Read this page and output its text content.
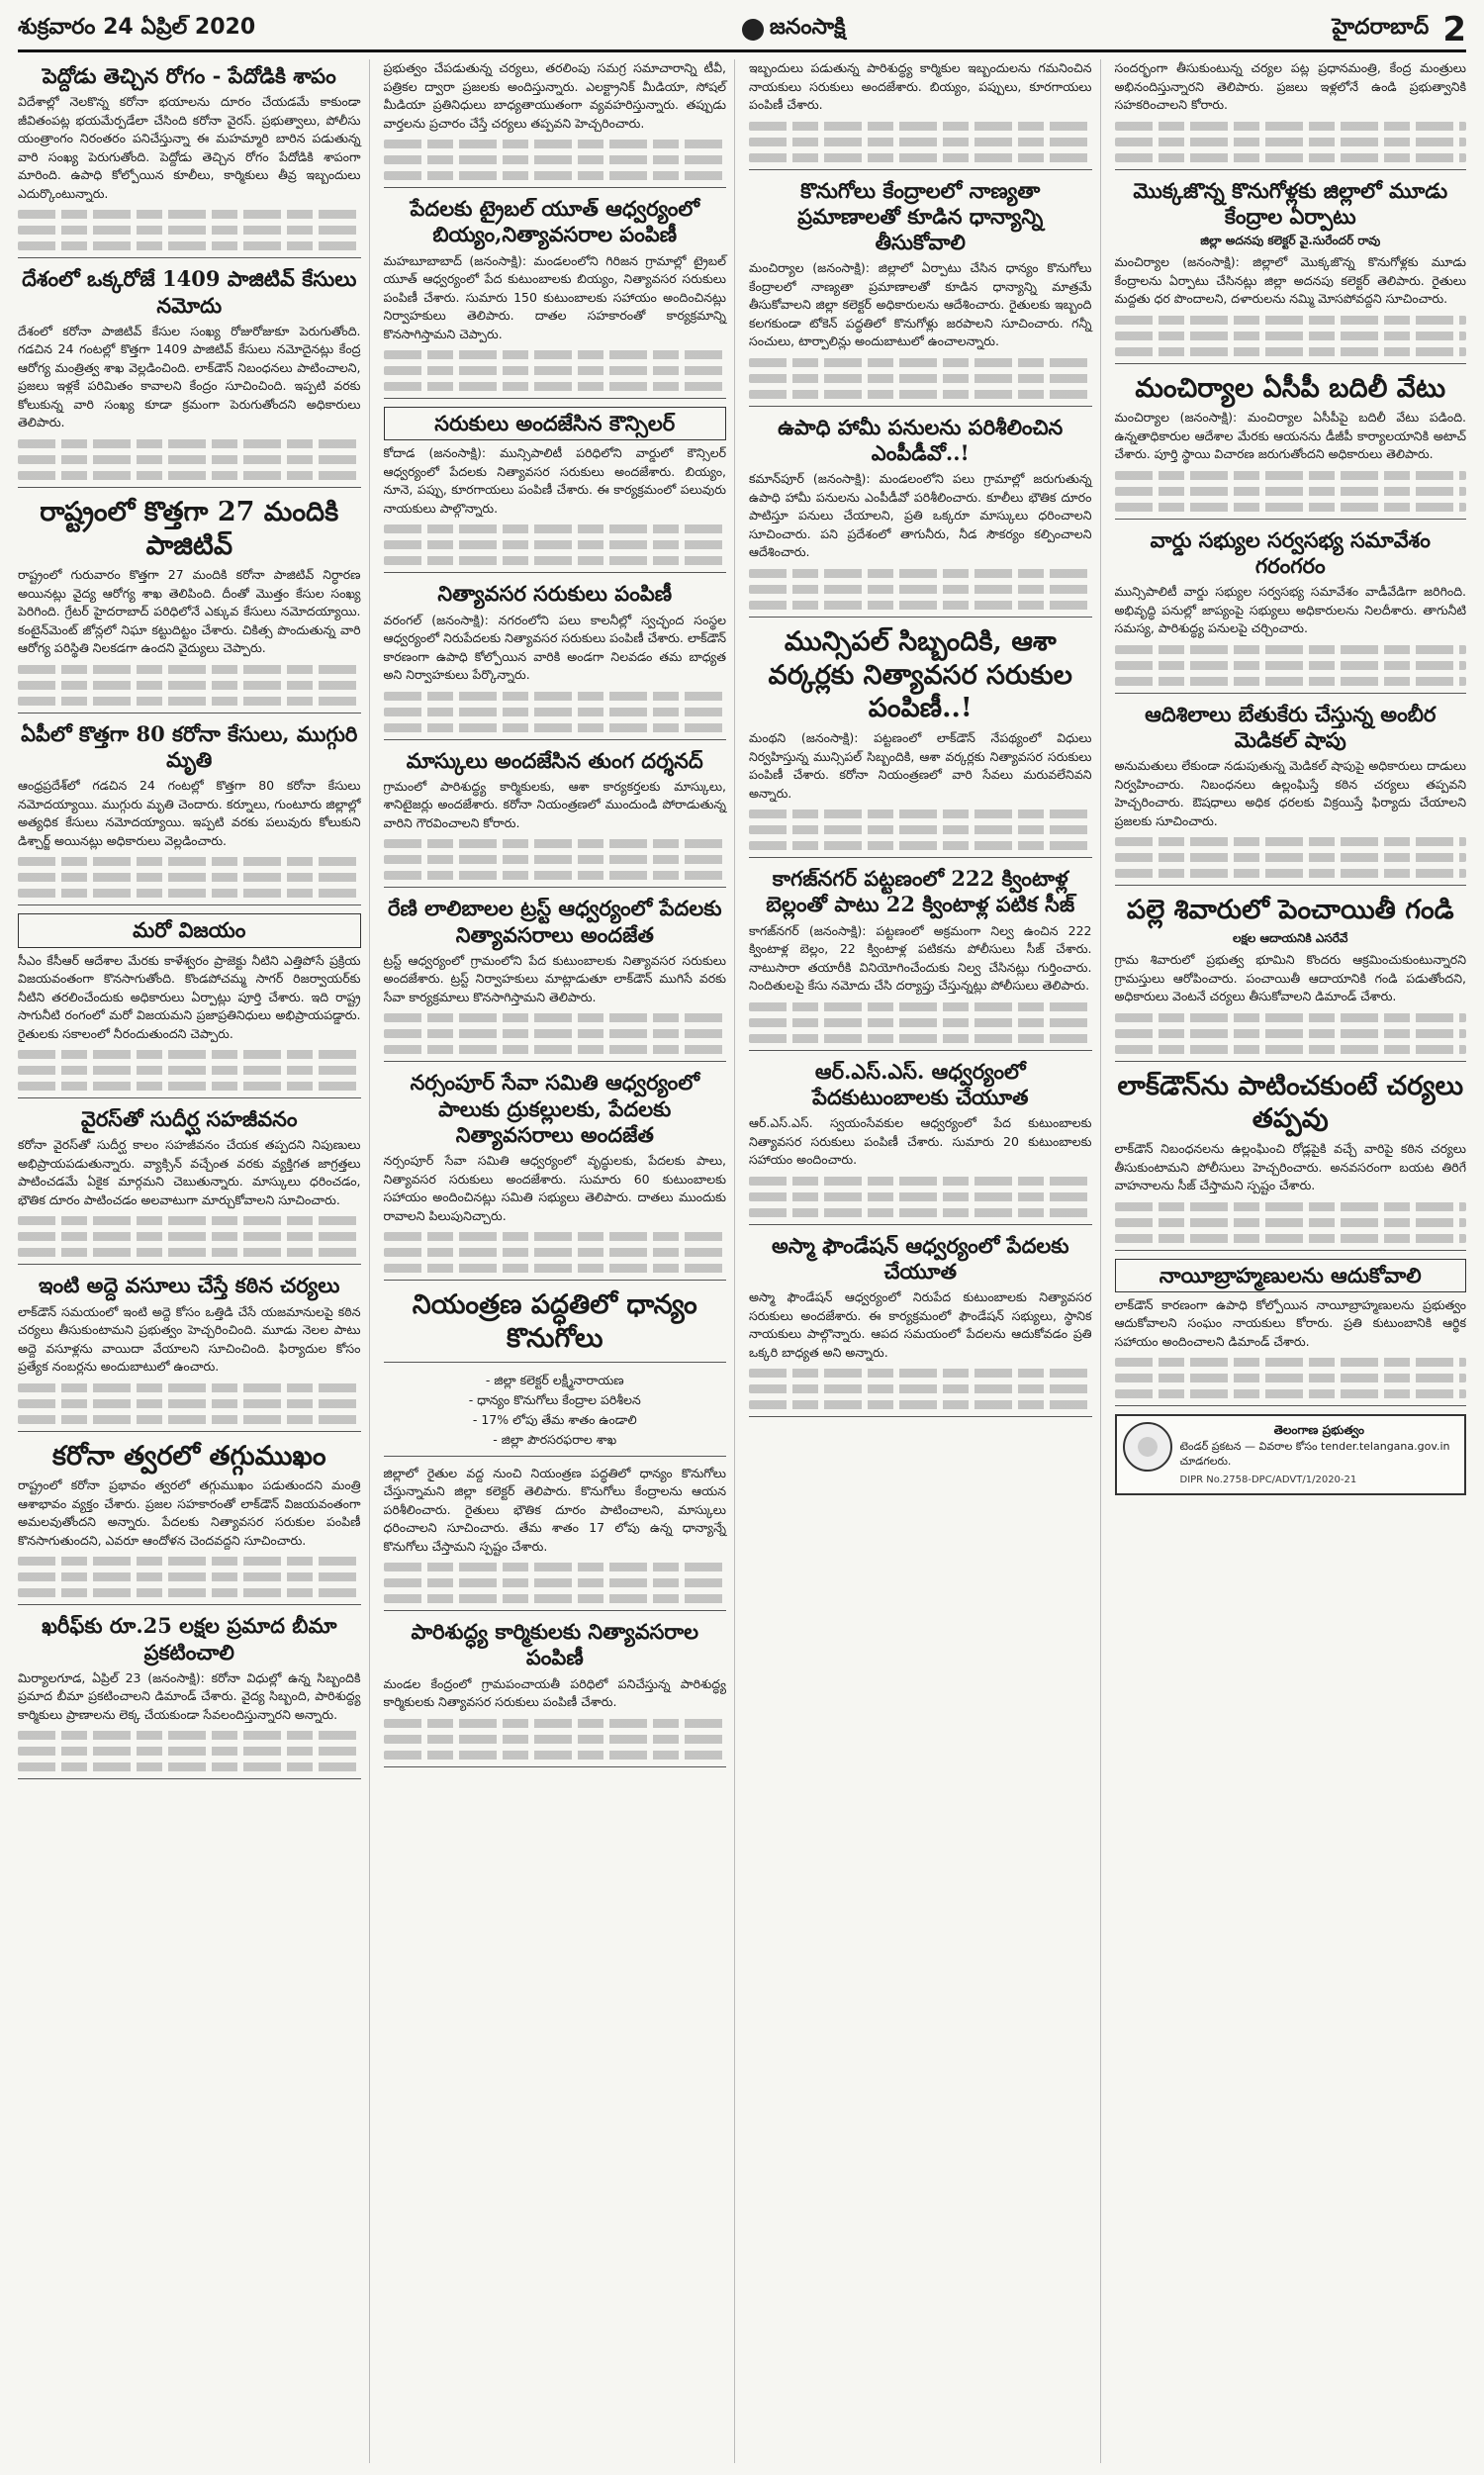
శుక్రవారం 24 ఏప్రిల్ 2020	జనంసాక్షి	హైదరాబాద్ 2
పెద్దోడు తెచ్చిన రోగం - పేదోడికి శాపం

విదేశాల్లో నెలకొన్న కరోనా భయాలను దూరం చేయడమే కాకుండా జీవితంపట్ల భయమేర్పడేలా చేసింది కరోనా వైరస్. ప్రభుత్వాలు, పోలీసు యంత్రాంగం నిరంతరం పనిచేస్తున్నా ఈ మహమ్మారి బారిన పడుతున్న వారి సంఖ్య పెరుగుతోంది. పెద్దోడు తెచ్చిన రోగం పేదోడికి శాపంగా మారింది. ఉపాధి కోల్పోయిన కూలీలు, కార్మికులు తీవ్ర ఇబ్బందులు ఎదుర్కొంటున్నారు.

దేశంలో ఒక్కరోజే 1409 పాజిటివ్ కేసులు నమోదు

దేశంలో కరోనా పాజిటివ్ కేసుల సంఖ్య రోజురోజుకూ పెరుగుతోంది. గడచిన 24 గంటల్లో కొత్తగా 1409 పాజిటివ్ కేసులు నమోదైనట్లు కేంద్ర ఆరోగ్య మంత్రిత్వ శాఖ వెల్లడించింది. లాక్‌డౌన్ నిబంధనలు పాటించాలని, ప్రజలు ఇళ్లకే పరిమితం కావాలని కేంద్రం సూచించింది. ఇప్పటి వరకు కోలుకున్న వారి సంఖ్య కూడా క్రమంగా పెరుగుతోందని అధికారులు తెలిపారు.

రాష్ట్రంలో కొత్తగా 27 మందికి పాజిటివ్

రాష్ట్రంలో గురువారం కొత్తగా 27 మందికి కరోనా పాజిటివ్ నిర్ధారణ అయినట్లు వైద్య ఆరోగ్య శాఖ తెలిపింది. దీంతో మొత్తం కేసుల సంఖ్య పెరిగింది. గ్రేటర్ హైదరాబాద్ పరిధిలోనే ఎక్కువ కేసులు నమోదయ్యాయి. కంటైన్‌మెంట్ జోన్లలో నిఘా కట్టుదిట్టం చేశారు. చికిత్స పొందుతున్న వారి ఆరోగ్య పరిస్థితి నిలకడగా ఉందని వైద్యులు చెప్పారు.

ఏపీలో కొత్తగా 80 కరోనా కేసులు, ముగ్గురి మృతి

ఆంధ్రప్రదేశ్‌లో గడచిన 24 గంటల్లో కొత్తగా 80 కరోనా కేసులు నమోదయ్యాయి. ముగ్గురు మృతి చెందారు. కర్నూలు, గుంటూరు జిల్లాల్లో అత్యధిక కేసులు నమోదయ్యాయి. ఇప్పటి వరకు పలువురు కోలుకుని డిశ్చార్జ్ అయినట్లు అధికారులు వెల్లడించారు.

మరో విజయం

సీఎం కేసీఆర్ ఆదేశాల మేరకు కాళేశ్వరం ప్రాజెక్టు నీటిని ఎత్తిపోసే ప్రక్రియ విజయవంతంగా కొనసాగుతోంది. కొండపోచమ్మ సాగర్ రిజర్వాయర్‌కు నీటిని తరలించేందుకు అధికారులు ఏర్పాట్లు పూర్తి చేశారు. ఇది రాష్ట్ర సాగునీటి రంగంలో మరో విజయమని ప్రజాప్రతినిధులు అభిప్రాయపడ్డారు. రైతులకు సకాలంలో నీరందుతుందని చెప్పారు.

వైరస్‌తో సుదీర్ఘ సహజీవనం

కరోనా వైరస్‌తో సుదీర్ఘ కాలం సహజీవనం చేయక తప్పదని నిపుణులు అభిప్రాయపడుతున్నారు. వ్యాక్సిన్ వచ్చేంత వరకు వ్యక్తిగత జాగ్రత్తలు పాటించడమే ఏకైక మార్గమని చెబుతున్నారు. మాస్కులు ధరించడం, భౌతిక దూరం పాటించడం అలవాటుగా మార్చుకోవాలని సూచించారు.

ఇంటి అద్దె వసూలు చేస్తే కఠిన చర్యలు

లాక్‌డౌన్ సమయంలో ఇంటి అద్దె కోసం ఒత్తిడి చేసే యజమానులపై కఠిన చర్యలు తీసుకుంటామని ప్రభుత్వం హెచ్చరించింది. మూడు నెలల పాటు అద్దె వసూళ్లను వాయిదా వేయాలని సూచించింది. ఫిర్యాదుల కోసం ప్రత్యేక నంబర్లను అందుబాటులో ఉంచారు.

కరోనా త్వరలో తగ్గుముఖం

రాష్ట్రంలో కరోనా ప్రభావం త్వరలో తగ్గుముఖం పడుతుందని మంత్రి ఆశాభావం వ్యక్తం చేశారు. ప్రజల సహకారంతో లాక్‌డౌన్ విజయవంతంగా అమలవుతోందని అన్నారు. పేదలకు నిత్యావసర సరుకుల పంపిణీ కొనసాగుతుందని, ఎవరూ ఆందోళన చెందవద్దని సూచించారు.

ఖరీఫ్‌కు రూ.25 లక్షల ప్రమాద బీమా ప్రకటించాలి

మిర్యాలగూడ, ఏప్రిల్ 23 (జనంసాక్షి): కరోనా విధుల్లో ఉన్న సిబ్బందికి ప్రమాద బీమా ప్రకటించాలని డిమాండ్ చేశారు. వైద్య సిబ్బంది, పారిశుద్ధ్య కార్మికులు ప్రాణాలను లెక్క చేయకుండా సేవలందిస్తున్నారని అన్నారు.

ప్రభుత్వం చేపడుతున్న చర్యలు, తరలింపు సమగ్ర సమాచారాన్ని టీవీ, పత్రికల ద్వారా ప్రజలకు అందిస్తున్నారు. ఎలక్ట్రానిక్ మీడియా, సోషల్ మీడియా ప్రతినిధులు బాధ్యతాయుతంగా వ్యవహరిస్తున్నారు. తప్పుడు వార్తలను ప్రచారం చేస్తే చర్యలు తప్పవని హెచ్చరించారు.

పేదలకు ట్రైబల్ యూత్ ఆధ్వర్యంలో బియ్యం,నిత్యావసరాల పంపిణీ

మహబూబాబాద్ (జనంసాక్షి): మండలంలోని గిరిజన గ్రామాల్లో ట్రైబల్ యూత్ ఆధ్వర్యంలో పేద కుటుంబాలకు బియ్యం, నిత్యావసర సరుకులు పంపిణీ చేశారు. సుమారు 150 కుటుంబాలకు సహాయం అందించినట్లు నిర్వాహకులు తెలిపారు. దాతల సహకారంతో కార్యక్రమాన్ని కొనసాగిస్తామని చెప్పారు.

సరుకులు అందజేసిన కౌన్సిలర్

కోదాడ (జనంసాక్షి): మున్సిపాలిటీ పరిధిలోని వార్డులో కౌన్సిలర్ ఆధ్వర్యంలో పేదలకు నిత్యావసర సరుకులు అందజేశారు. బియ్యం, నూనె, పప్పు, కూరగాయలు పంపిణీ చేశారు. ఈ కార్యక్రమంలో పలువురు నాయకులు పాల్గొన్నారు.

నిత్యావసర సరుకులు పంపిణీ

వరంగల్ (జనంసాక్షి): నగరంలోని పలు కాలనీల్లో స్వచ్ఛంద సంస్థల ఆధ్వర్యంలో నిరుపేదలకు నిత్యావసర సరుకులు పంపిణీ చేశారు. లాక్‌డౌన్ కారణంగా ఉపాధి కోల్పోయిన వారికి అండగా నిలవడం తమ బాధ్యత అని నిర్వాహకులు పేర్కొన్నారు.

మాస్కులు అందజేసిన తుంగ దర్శనద్

గ్రామంలో పారిశుద్ధ్య కార్మికులకు, ఆశా కార్యకర్తలకు మాస్కులు, శానిటైజర్లు అందజేశారు. కరోనా నియంత్రణలో ముందుండి పోరాడుతున్న వారిని గౌరవించాలని కోరారు.

రేణి లాలిబాలల ట్రస్ట్ ఆధ్వర్యంలో పేదలకు నిత్యావసరాలు అందజేత

ట్రస్ట్ ఆధ్వర్యంలో గ్రామంలోని పేద కుటుంబాలకు నిత్యావసర సరుకులు అందజేశారు. ట్రస్ట్ నిర్వాహకులు మాట్లాడుతూ లాక్‌డౌన్ ముగిసే వరకు సేవా కార్యక్రమాలు కొనసాగిస్తామని తెలిపారు.

నర్సంపూర్ సేవా సమితి ఆధ్వర్యంలో పాలుకు ద్రుకల్లులకు, పేదలకు నిత్యావసరాలు అందజేత

నర్సంపూర్ సేవా సమితి ఆధ్వర్యంలో వృద్ధులకు, పేదలకు పాలు, నిత్యావసర సరుకులు అందజేశారు. సుమారు 60 కుటుంబాలకు సహాయం అందించినట్లు సమితి సభ్యులు తెలిపారు. దాతలు ముందుకు రావాలని పిలుపునిచ్చారు.

నియంత్రణ పద్ధతిలో ధాన్యం కొనుగోలు
- జిల్లా కలెక్టర్ లక్ష్మీనారాయణ
- ధాన్యం కొనుగోలు కేంద్రాల పరిశీలన
- 17% లోపు తేమ శాతం ఉండాలి
- జిల్లా పౌరసరఫరాల శాఖ

జిల్లాలో రైతుల వద్ద నుంచి నియంత్రణ పద్ధతిలో ధాన్యం కొనుగోలు చేస్తున్నామని జిల్లా కలెక్టర్ తెలిపారు. కొనుగోలు కేంద్రాలను ఆయన పరిశీలించారు. రైతులు భౌతిక దూరం పాటించాలని, మాస్కులు ధరించాలని సూచించారు. తేమ శాతం 17 లోపు ఉన్న ధాన్యాన్నే కొనుగోలు చేస్తామని స్పష్టం చేశారు.

పారిశుద్ధ్య కార్మికులకు నిత్యావసరాల పంపిణీ

మండల కేంద్రంలో గ్రామపంచాయతీ పరిధిలో పనిచేస్తున్న పారిశుద్ధ్య కార్మికులకు నిత్యావసర సరుకులు పంపిణీ చేశారు.

ఇబ్బందులు పడుతున్న పారిశుద్ధ్య కార్మికుల ఇబ్బందులను గమనించిన నాయకులు సరుకులు అందజేశారు. బియ్యం, పప్పులు, కూరగాయలు పంపిణీ చేశారు.

కొనుగోలు కేంద్రాలలో నాణ్యతా ప్రమాణాలతో కూడిన ధాన్యాన్ని తీసుకోవాలి

మంచిర్యాల (జనంసాక్షి): జిల్లాలో ఏర్పాటు చేసిన ధాన్యం కొనుగోలు కేంద్రాలలో నాణ్యతా ప్రమాణాలతో కూడిన ధాన్యాన్ని మాత్రమే తీసుకోవాలని జిల్లా కలెక్టర్ అధికారులను ఆదేశించారు. రైతులకు ఇబ్బంది కలగకుండా టోకెన్ పద్ధతిలో కొనుగోళ్లు జరపాలని సూచించారు. గన్నీ సంచులు, టార్పాలిన్లు అందుబాటులో ఉంచాలన్నారు.

ఉపాధి హామీ పనులను పరిశీలించిన ఎంపీడీవో..!

కమాన్‌పూర్ (జనంసాక్షి): మండలంలోని పలు గ్రామాల్లో జరుగుతున్న ఉపాధి హామీ పనులను ఎంపీడీవో పరిశీలించారు. కూలీలు భౌతిక దూరం పాటిస్తూ పనులు చేయాలని, ప్రతి ఒక్కరూ మాస్కులు ధరించాలని సూచించారు. పని ప్రదేశంలో తాగునీరు, నీడ సౌకర్యం కల్పించాలని ఆదేశించారు.

మున్సిపల్ సిబ్బందికి, ఆశా వర్కర్లకు నిత్యావసర సరుకుల పంపిణీ..!

మంథని (జనంసాక్షి): పట్టణంలో లాక్‌డౌన్ నేపథ్యంలో విధులు నిర్వహిస్తున్న మున్సిపల్ సిబ్బందికి, ఆశా వర్కర్లకు నిత్యావసర సరుకులు పంపిణీ చేశారు. కరోనా నియంత్రణలో వారి సేవలు మరువలేనివని అన్నారు.

కాగజ్‌నగర్ పట్టణంలో 222 క్వింటాళ్ల బెల్లంతో పాటు 22 క్వింటాళ్ల పటిక సీజ్

కాగజ్‌నగర్ (జనంసాక్షి): పట్టణంలో అక్రమంగా నిల్వ ఉంచిన 222 క్వింటాళ్ల బెల్లం, 22 క్వింటాళ్ల పటికను పోలీసులు సీజ్ చేశారు. నాటుసారా తయారీకి వినియోగించేందుకు నిల్వ చేసినట్లు గుర్తించారు. నిందితులపై కేసు నమోదు చేసి దర్యాప్తు చేస్తున్నట్లు పోలీసులు తెలిపారు.

ఆర్.ఎస్.ఎస్. ఆధ్వర్యంలో పేదకుటుంబాలకు చేయూత

ఆర్.ఎస్.ఎస్. స్వయంసేవకుల ఆధ్వర్యంలో పేద కుటుంబాలకు నిత్యావసర సరుకులు పంపిణీ చేశారు. సుమారు 20 కుటుంబాలకు సహాయం అందించారు.

అస్మా ఫౌండేషన్ ఆధ్వర్యంలో పేదలకు చేయూత

అస్మా ఫౌండేషన్ ఆధ్వర్యంలో నిరుపేద కుటుంబాలకు నిత్యావసర సరుకులు అందజేశారు. ఈ కార్యక్రమంలో ఫౌండేషన్ సభ్యులు, స్థానిక నాయకులు పాల్గొన్నారు. ఆపద సమయంలో పేదలను ఆదుకోవడం ప్రతి ఒక్కరి బాధ్యత అని అన్నారు.

సందర్భంగా తీసుకుంటున్న చర్యల పట్ల ప్రధానమంత్రి, కేంద్ర మంత్రులు అభినందిస్తున్నారని తెలిపారు. ప్రజలు ఇళ్లలోనే ఉండి ప్రభుత్వానికి సహకరించాలని కోరారు.

మొక్కజొన్న కొనుగోళ్లకు జిల్లాలో మూడు కేంద్రాల ఏర్పాటు
జిల్లా అదనపు కలెక్టర్ వై.సురేందర్ రావు

మంచిర్యాల (జనంసాక్షి): జిల్లాలో మొక్కజొన్న కొనుగోళ్లకు మూడు కేంద్రాలను ఏర్పాటు చేసినట్లు జిల్లా అదనపు కలెక్టర్ తెలిపారు. రైతులు మద్దతు ధర పొందాలని, దళారులను నమ్మి మోసపోవద్దని సూచించారు.

మంచిర్యాల ఏసీపీ బదిలీ వేటు

మంచిర్యాల (జనంసాక్షి): మంచిర్యాల ఏసీపీపై బదిలీ వేటు పడింది. ఉన్నతాధికారుల ఆదేశాల మేరకు ఆయనను డీజీపీ కార్యాలయానికి అటాచ్ చేశారు. పూర్తి స్థాయి విచారణ జరుగుతోందని అధికారులు తెలిపారు.

వార్డు సభ్యుల సర్వసభ్య సమావేశం గరంగరం

మున్సిపాలిటీ వార్డు సభ్యుల సర్వసభ్య సమావేశం వాడీవేడిగా జరిగింది. అభివృద్ధి పనుల్లో జాప్యంపై సభ్యులు అధికారులను నిలదీశారు. తాగునీటి సమస్య, పారిశుద్ధ్య పనులపై చర్చించారు.

ఆదిశిలాలు బేతుకేరు చేస్తున్న అంబీర మెడికల్ షాపు

అనుమతులు లేకుండా నడుపుతున్న మెడికల్ షాపుపై అధికారులు దాడులు నిర్వహించారు. నిబంధనలు ఉల్లంఘిస్తే కఠిన చర్యలు తప్పవని హెచ్చరించారు. ఔషధాలు అధిక ధరలకు విక్రయిస్తే ఫిర్యాదు చేయాలని ప్రజలకు సూచించారు.

పల్లె శివారులో పెంచాయితీ గండి
లక్షల ఆదాయనికి ఎసరేవే

గ్రామ శివారులో ప్రభుత్వ భూమిని కొందరు ఆక్రమించుకుంటున్నారని గ్రామస్తులు ఆరోపించారు. పంచాయితీ ఆదాయానికి గండి పడుతోందని, అధికారులు వెంటనే చర్యలు తీసుకోవాలని డిమాండ్ చేశారు.

లాక్‌డౌన్‌ను పాటించకుంటే చర్యలు తప్పవు

లాక్‌డౌన్ నిబంధనలను ఉల్లంఘించి రోడ్లపైకి వచ్చే వారిపై కఠిన చర్యలు తీసుకుంటామని పోలీసులు హెచ్చరించారు. అనవసరంగా బయట తిరిగే వాహనాలను సీజ్ చేస్తామని స్పష్టం చేశారు.

నాయీబ్రాహ్మణులను ఆదుకోవాలి

లాక్‌డౌన్ కారణంగా ఉపాధి కోల్పోయిన నాయీబ్రాహ్మణులను ప్రభుత్వం ఆదుకోవాలని సంఘం నాయకులు కోరారు. ప్రతి కుటుంబానికి ఆర్థిక సహాయం అందించాలని డిమాండ్ చేశారు.

తెలంగాణ ప్రభుత్వం
టెండర్ ప్రకటన — వివరాల కోసం tender.telangana.gov.in చూడగలరు.
DIPR No.2758-DPC/ADVT/1/2020-21
